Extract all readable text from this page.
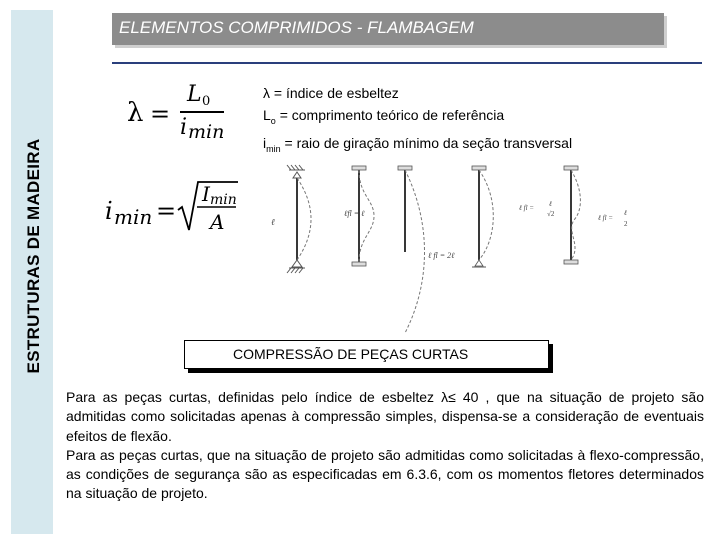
ESTRUTURAS DE MADEIRA
ELEMENTOS COMPRIMIDOS - FLAMBAGEM
λ =
L 0
i min
λ = índice de esbeltez
$L_o$ = comprimento teórico de referência
$i_{min}$ = raio de giração mínimo da seção transversal
i min =
I min
A	ℓ
ℓfl = ℓ
ℓ fl = 2ℓ
ℓ fl = ℓ
√2	ℓ fl =
ℓ
2
COMPRESSÃO DE PEÇAS CURTAS

Para as peças curtas, definidas pelo índice de esbeltez λ≤ 40 , que na situação de projeto são admitidas como solicitadas apenas à compressão simples, dispensa-se a consideração de eventuais efeitos de flexão.

Para as peças curtas, que na situação de projeto são admitidas como solicitadas à flexo-compressão, as condições de segurança são as especificadas em 6.3.6, com os momentos fletores determinados na situação de projeto.
